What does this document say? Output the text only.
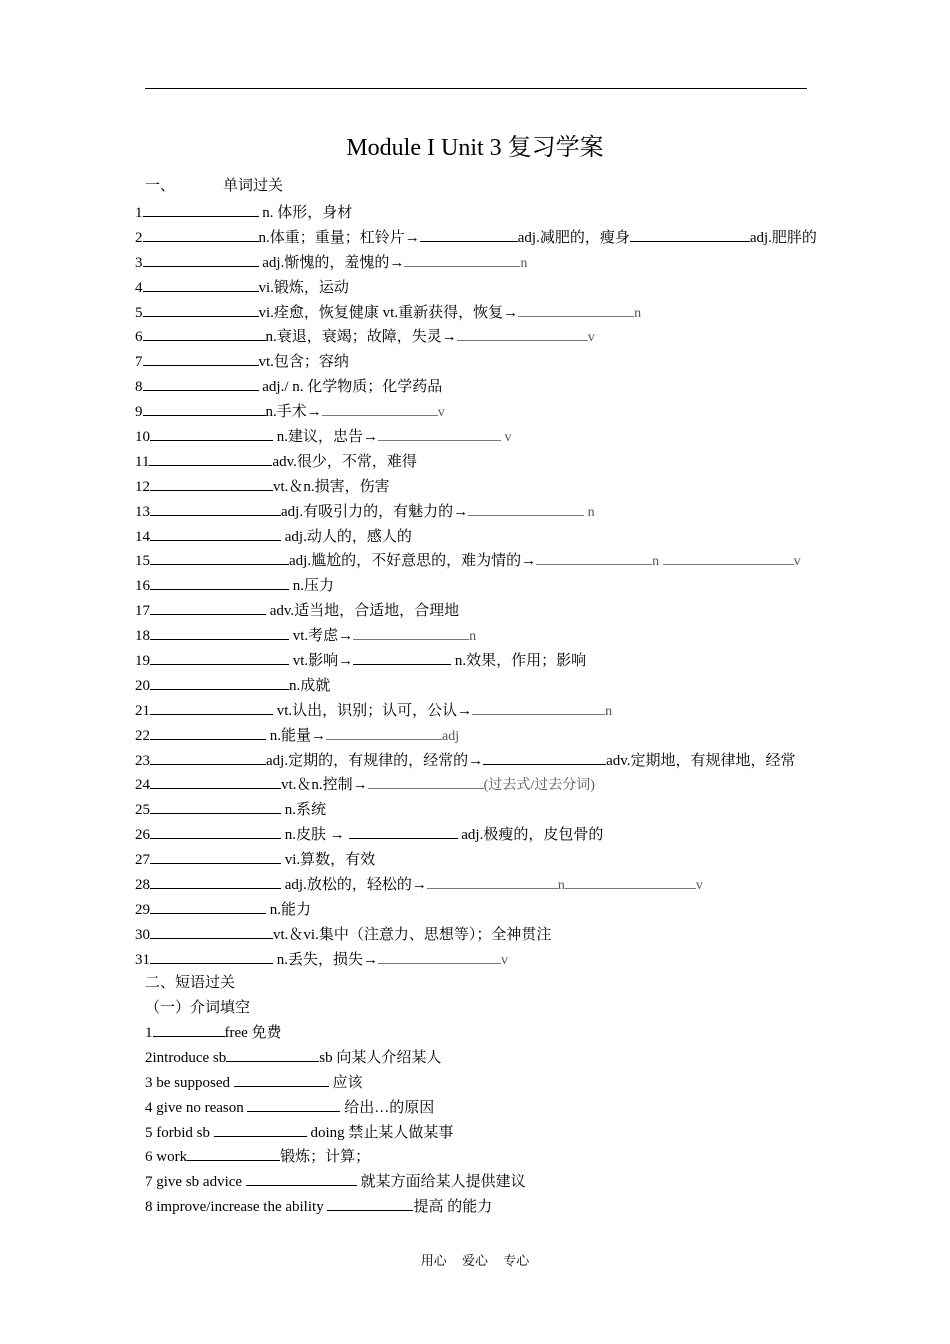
Module I Unit 3 复习学案
一、	单词过关
1	n. 体形，身材
2	n.体重；重量；杠铃片→	adj.减肥的，瘦身	adj.肥胖的
3	adj.惭愧的，羞愧的→	n
4	vi.锻炼，运动
5	vi.痊愈，恢复健康 vt.重新获得，恢复→	n
6	n.衰退，衰竭；故障，失灵→	v
7	vt.包含；容纳
8	adj./ n. 化学物质；化学药品
9	n.手术→	v
10	n.建议，忠告→	v
11	adv.很少，不常，难得
12	vt.＆n.损害，伤害
13	adj.有吸引力的，有魅力的→	n
14	adj.动人的，感人的
15	adj.尴尬的，不好意思的，难为情的→	n	v
16	n.压力
17	adv.适当地，合适地，合理地
18	vt.考虑→	n
19	vt.影响→	n.效果，作用；影响
20	n.成就
21	vt.认出，识别；认可，公认→	n
22	n.能量→	adj
23	adj.定期的，有规律的，经常的→	adv.定期地，有规律地，经常
24	vt.＆n.控制→	(过去式/过去分词)
25	n.系统
26	n.皮肤 →	adj.极瘦的，皮包骨的
27	vi.算数，有效
28	adj.放松的，轻松的→	n	v
29	n.能力
30	vt.＆vi.集中（注意力、思想等）；全神贯注
31	n.丢失，损失→	v
二、短语过关
（一）介词填空
1	free 免费
2introduce sb	sb 向某人介绍某人
3 be supposed	应该
4 give no reason	给出…的原因
5 forbid sb	doing 禁止某人做某事
6 work	锻炼；计算；
7 give sb advice	就某方面给某人提供建议
8 improve/increase the ability	提高 的能力
用心 爱心 专心
